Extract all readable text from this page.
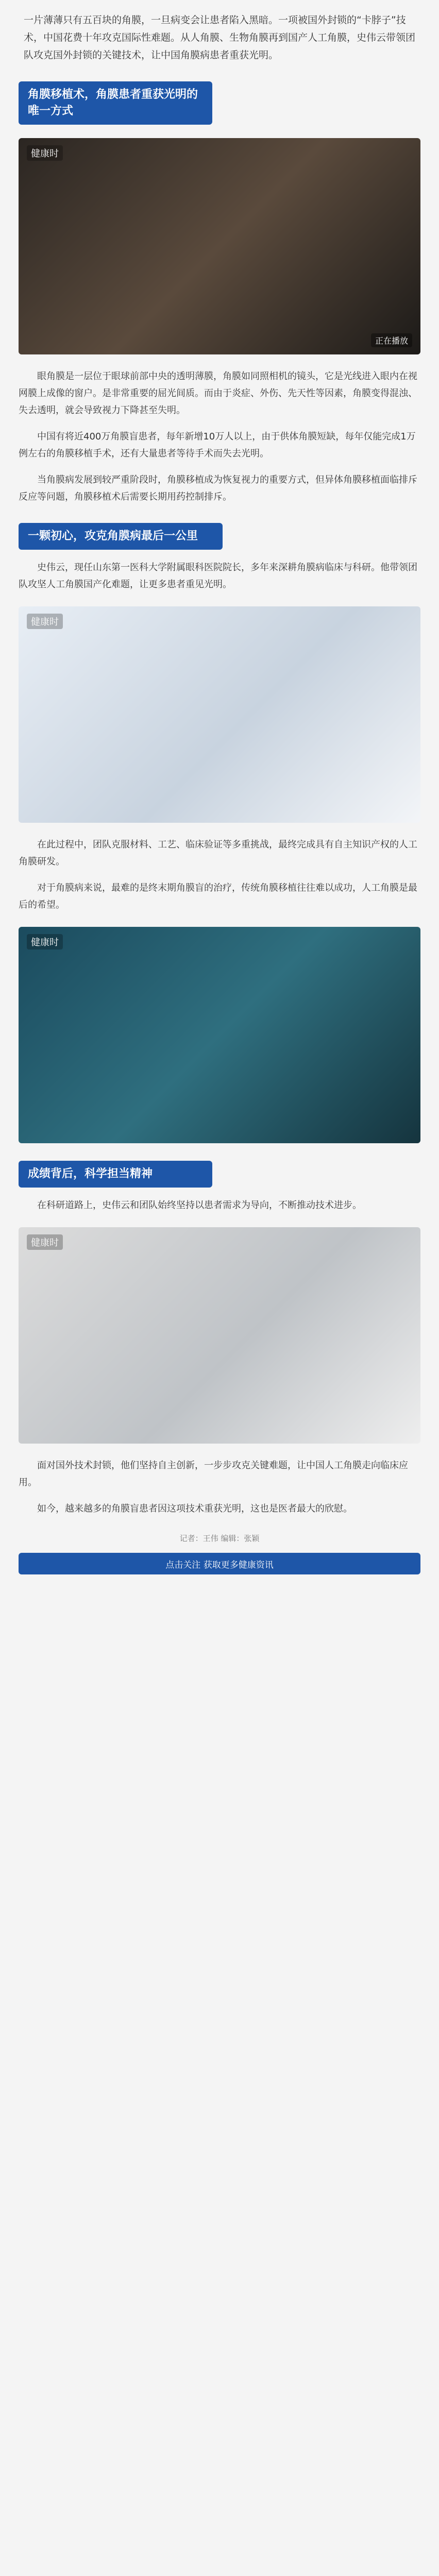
一片薄薄只有五百块的角膜，一旦病变会让患者陷入黑暗。一项被国外封锁的“卡脖子”技术，中国花费十年攻克国际性难题。从人角膜、生物角膜再到国产人工角膜，史伟云带领团队攻克国外封锁的关键技术，让中国角膜病患者重获光明。
角膜移植术，角膜患者重获光明的唯一方式
健康时
正在播放
眼角膜是一层位于眼球前部中央的透明薄膜，角膜如同照相机的镜头，它是光线进入眼内在视网膜上成像的窗户。是非常重要的屈光间质。而由于炎症、外伤、先天性等因素，角膜变得混浊、失去透明，就会导致视力下降甚至失明。
中国有将近400万角膜盲患者，每年新增10万人以上，由于供体角膜短缺，每年仅能完成1万例左右的角膜移植手术，还有大量患者等待手术而失去光明。
当角膜病发展到较严重阶段时，角膜移植成为恢复视力的重要方式，但异体角膜移植面临排斥反应等问题，角膜移植术后需要长期用药控制排斥。
一颗初心，攻克角膜病最后一公里
史伟云，现任山东第一医科大学附属眼科医院院长，多年来深耕角膜病临床与科研。他带领团队攻坚人工角膜国产化难题，让更多患者重见光明。
健康时
在此过程中，团队克服材料、工艺、临床验证等多重挑战，最终完成具有自主知识产权的人工角膜研发。
对于角膜病来说，最难的是终末期角膜盲的治疗，传统角膜移植往往难以成功，人工角膜是最后的希望。
健康时
成绩背后，科学担当精神
在科研道路上，史伟云和团队始终坚持以患者需求为导向，不断推动技术进步。
健康时
面对国外技术封锁，他们坚持自主创新，一步步攻克关键难题，让中国人工角膜走向临床应用。
如今，越来越多的角膜盲患者因这项技术重获光明，这也是医者最大的欣慰。
记者：王伟 编辑：张颖
点击关注 获取更多健康资讯
